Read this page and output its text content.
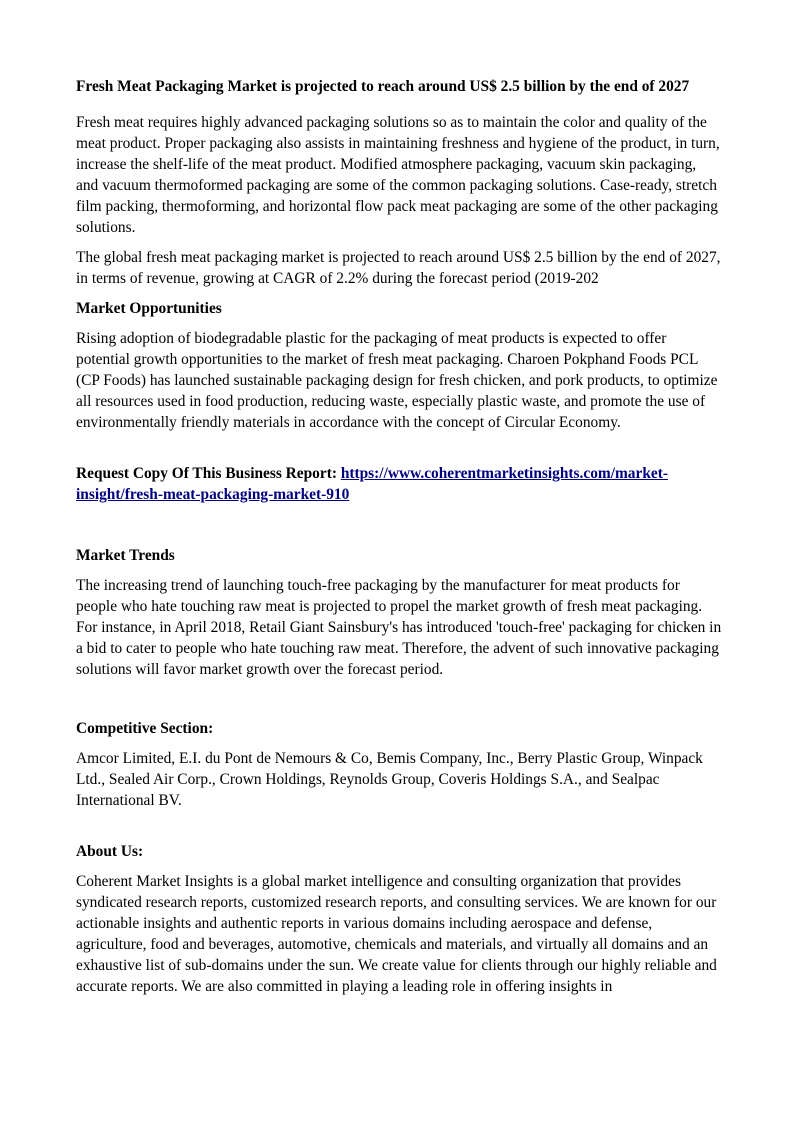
Fresh Meat Packaging Market is projected to reach around US$ 2.5 billion by the end of 2027

Fresh meat requires highly advanced packaging solutions so as to maintain the color and quality of the meat product. Proper packaging also assists in maintaining freshness and hygiene of the product, in turn, increase the shelf-life of the meat product. Modified atmosphere packaging, vacuum skin packaging, and vacuum thermoformed packaging are some of the common packaging solutions. Case-ready, stretch film packing, thermoforming, and horizontal flow pack meat packaging are some of the other packaging solutions.

The global fresh meat packaging market is projected to reach around US$ 2.5 billion by the end of 2027, in terms of revenue, growing at CAGR of 2.2% during the forecast period (2019-202

Market Opportunities

Rising adoption of biodegradable plastic for the packaging of meat products is expected to offer potential growth opportunities to the market of fresh meat packaging. Charoen Pokphand Foods PCL (CP Foods) has launched sustainable packaging design for fresh chicken, and pork products, to optimize all resources used in food production, reducing waste, especially plastic waste, and promote the use of environmentally friendly materials in accordance with the concept of Circular Economy.

Request Copy Of This Business Report: https://www.coherentmarketinsights.com/market-insight/fresh-meat-packaging-market-910

Market Trends

The increasing trend of launching touch-free packaging by the manufacturer for meat products for people who hate touching raw meat is projected to propel the market growth of fresh meat packaging. For instance, in April 2018, Retail Giant Sainsbury's has introduced 'touch-free' packaging for chicken in a bid to cater to people who hate touching raw meat. Therefore, the advent of such innovative packaging solutions will favor market growth over the forecast period.

Competitive Section:

Amcor Limited, E.I. du Pont de Nemours & Co, Bemis Company, Inc., Berry Plastic Group, Winpack Ltd., Sealed Air Corp., Crown Holdings, Reynolds Group, Coveris Holdings S.A., and Sealpac International BV.

About Us:

Coherent Market Insights is a global market intelligence and consulting organization that provides syndicated research reports, customized research reports, and consulting services. We are known for our actionable insights and authentic reports in various domains including aerospace and defense, agriculture, food and beverages, automotive, chemicals and materials, and virtually all domains and an exhaustive list of sub-domains under the sun. We create value for clients through our highly reliable and accurate reports. We are also committed in playing a leading role in offering insights in
